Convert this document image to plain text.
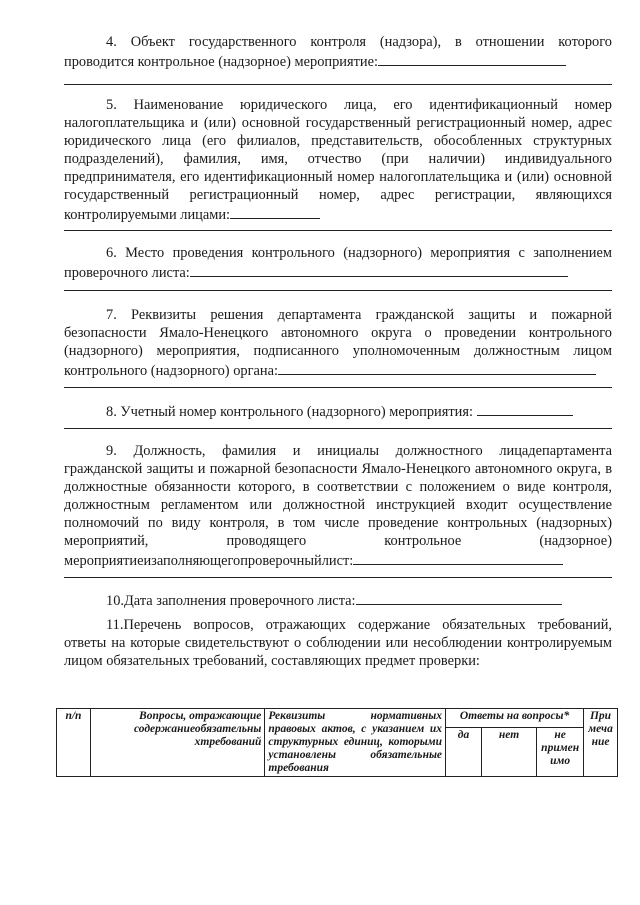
4. Объект государственного контроля (надзора), в отношении которого
проводится контрольное (надзорное) мероприятие:
5. Наименование юридического лица, его идентификационный номер
налогоплательщика и (или) основной государственный регистрационный номер, адрес юридического лица (его филиалов, представительств, обособленных структурных подразделений), фамилия, имя, отчество (при наличии) индивидуального предпринимателя, его идентификационный номер налогоплательщика и (или) основной государственный регистрационный номер, адрес регистрации, являющихся контролируемыми лицами:
6. Место проведения контрольного (надзорного) мероприятия с заполнением
проверочного листа:
7. Реквизиты решения департамента гражданской защиты и пожарной
безопасности Ямало-Ненецкого автономного округа о проведении контрольного (надзорного) мероприятия, подписанного уполномоченным должностным лицом контрольного (надзорного) органа:
8. Учетный номер контрольного (надзорного) мероприятия:
9. Должность, фамилия и инициалы должностного лицадепартамента
гражданской защиты и пожарной безопасности Ямало-Ненецкого автономного округа, в должностные обязанности которого, в соответствии с положением о виде контроля, должностным регламентом или должностной инструкцией входит осуществление полномочий по виду контроля, в том числе проведение контрольных (надзорных) мероприятий, проводящего контрольное (надзорное) мероприятиеизаполняющегопроверочныйлист:
10.Дата заполнения проверочного листа:
11.Перечень вопросов, отражающих содержание обязательных требований,
ответы на которые свидетельствуют о соблюдении или несоблюдении контролируемым лицом обязательных требований, составляющих предмет проверки:
п/п	Вопросы, отражающие содержаниеобязательны хтребований	Реквизиты нормативных правовых актов, с указанием их структурных единиц, которыми установлены обязательные требования	Ответы на вопросы*			Примечание
			да	нет	не примен имо	
